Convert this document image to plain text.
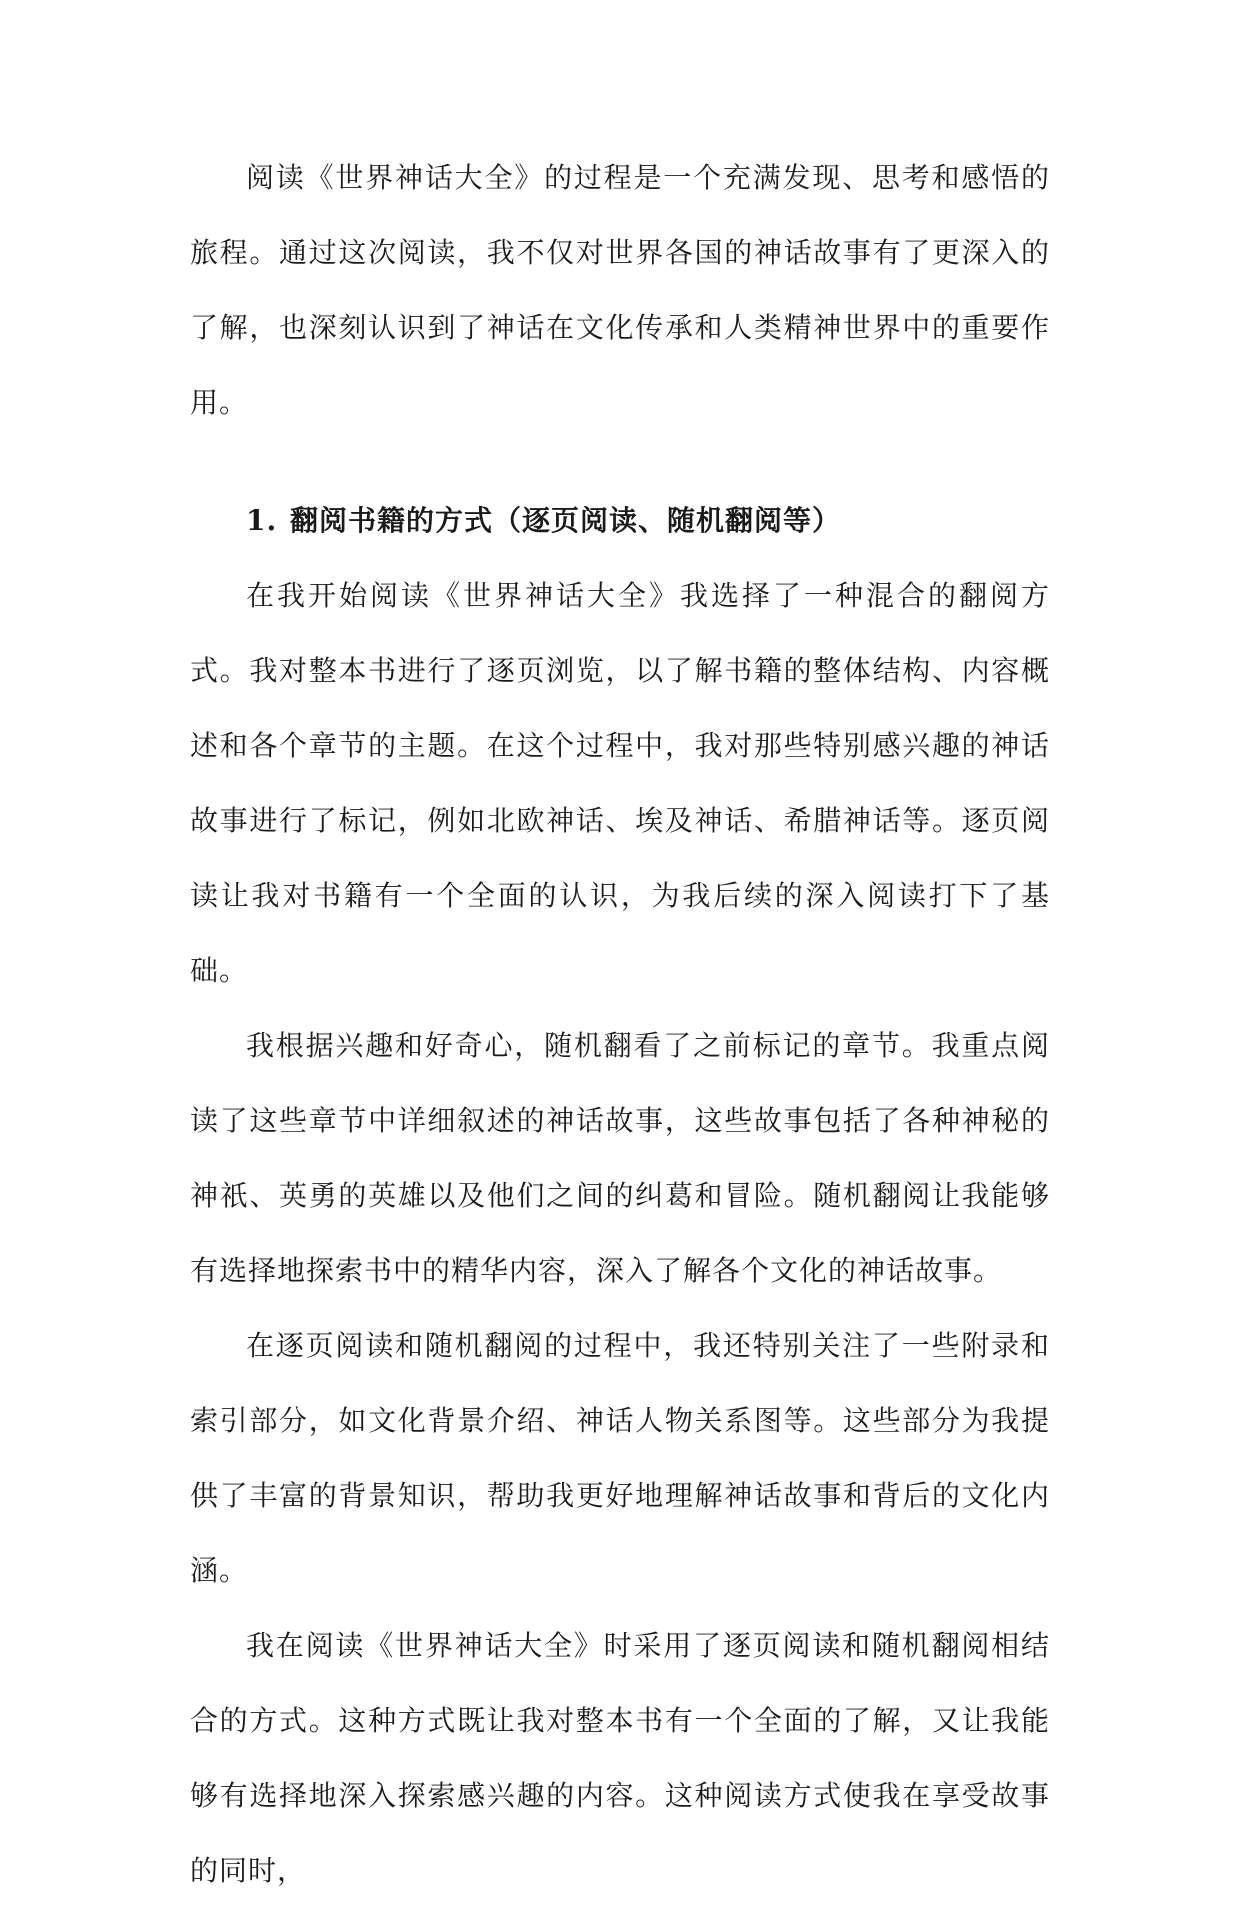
阅读《世界神话大全》的过程是一个充满发现、思考和感悟的旅程。通过这次阅读，我不仅对世界各国的神话故事有了更深入的了解，也深刻认识到了神话在文化传承和人类精神世界中的重要作用。

1. 翻阅书籍的方式（逐页阅读、随机翻阅等）

在我开始阅读《世界神话大全》我选择了一种混合的翻阅方式。我对整本书进行了逐页浏览，以了解书籍的整体结构、内容概述和各个章节的主题。在这个过程中，我对那些特别感兴趣的神话故事进行了标记，例如北欧神话、埃及神话、希腊神话等。逐页阅读让我对书籍有一个全面的认识，为我后续的深入阅读打下了基础。

我根据兴趣和好奇心，随机翻看了之前标记的章节。我重点阅读了这些章节中详细叙述的神话故事，这些故事包括了各种神秘的神祇、英勇的英雄以及他们之间的纠葛和冒险。随机翻阅让我能够有选择地探索书中的精华内容，深入了解各个文化的神话故事。

在逐页阅读和随机翻阅的过程中，我还特别关注了一些附录和索引部分，如文化背景介绍、神话人物关系图等。这些部分为我提供了丰富的背景知识，帮助我更好地理解神话故事和背后的文化内涵。

我在阅读《世界神话大全》时采用了逐页阅读和随机翻阅相结合的方式。这种方式既让我对整本书有一个全面的了解，又让我能够有选择地深入探索感兴趣的内容。这种阅读方式使我在享受故事的同时，
